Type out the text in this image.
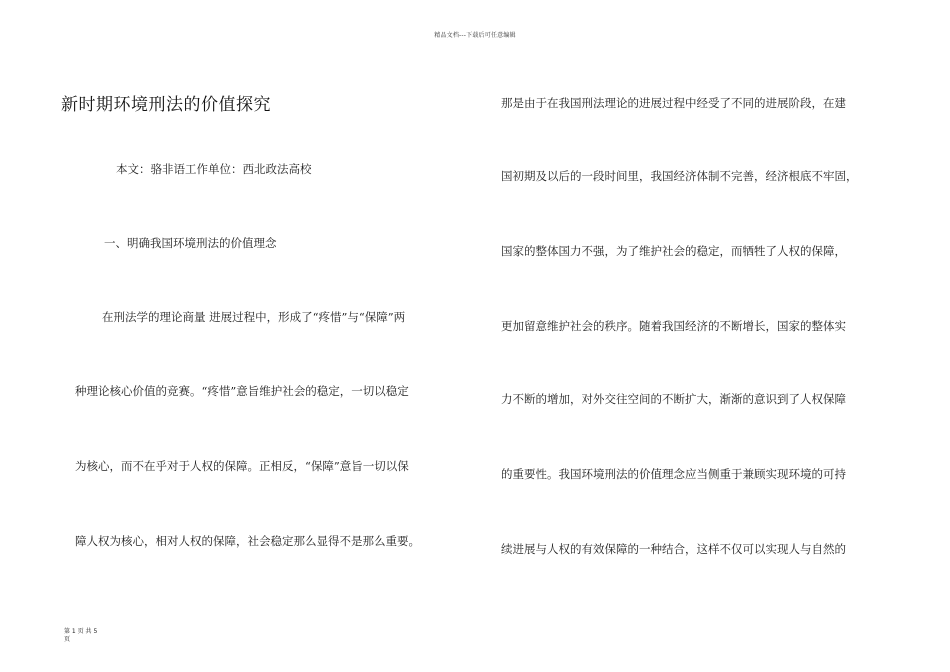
精品文档---下载后可任意编辑
新时期环境刑法的价值探究
本文：骆非语工作单位：西北政法高校
一、明确我国环境刑法的价值理念
在刑法学的理论商量 进展过程中，形成了“疼惜”与“保障”两
种理论核心价值的竞赛。“疼惜”意旨维护社会的稳定，一切以稳定
为核心，而不在乎对于人权的保障。正相反，“保障”意旨一切以保
障人权为核心，相对人权的保障，社会稳定那么显得不是那么重要。
那是由于在我国刑法理论的进展过程中经受了不同的进展阶段，在建
国初期及以后的一段时间里，我国经济体制不完善，经济根底不牢固，
国家的整体国力不强，为了维护社会的稳定，而牺牲了人权的保障，
更加留意维护社会的秩序。随着我国经济的不断增长，国家的整体实
力不断的增加，对外交往空间的不断扩大，渐渐的意识到了人权保障
的重要性。我国环境刑法的价值理念应当侧重于兼顾实现环境的可持
续进展与人权的有效保障的一种结合，这样不仅可以实现人与自然的
第 1 页 共 5 页
